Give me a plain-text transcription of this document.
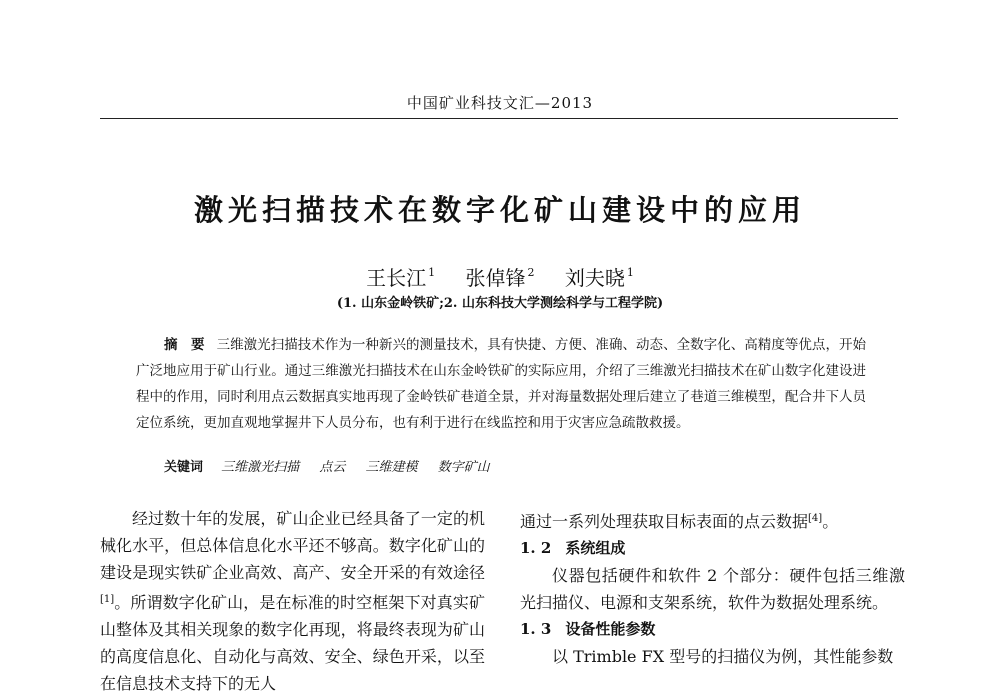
中国矿业科技文汇—2013
激光扫描技术在数字化矿山建设中的应用
王长江 $^1$ 张倬锋 $^2$ 刘夫晓 $^1$
(1. 山东金岭铁矿;2. 山东科技大学测绘科学与工程学院)
摘　要 三维激光扫描技术作为一种新兴的测量技术，具有快捷、方便、准确、动态、全数字化、高精度等优点，开始广泛地应用于矿山行业。通过三维激光扫描技术在山东金岭铁矿的实际应用，介绍了三维激光扫描技术在矿山数字化建设进程中的作用，同时利用点云数据真实地再现了金岭铁矿巷道全景，并对海量数据处理后建立了巷道三维模型，配合井下人员定位系统，更加直观地掌握井下人员分布，也有利于进行在线监控和用于灾害应急疏散救援。
关键词 三维激光扫描 点云 三维建模 数字矿山

经过数十年的发展，矿山企业已经具备了一定的机械化水平，但总体信息化水平还不够高。数字化矿山的建设是现实铁矿企业高效、高产、安全开采的有效途径[1]。所谓数字化矿山，是在标准的时空框架下对真实矿山整体及其相关现象的数字化再现，将最终表现为矿山的高度信息化、自动化与高效、安全、绿色开采，以至在信息技术支持下的无人

通过一系列处理获取目标表面的点云数据[4]。

1. 2 系统组成

仪器包括硬件和软件 2 个部分：硬件包括三维激光扫描仪、电源和支架系统，软件为数据处理系统。

1. 3 设备性能参数

以 Trimble FX 型号的扫描仪为例，其性能参数
